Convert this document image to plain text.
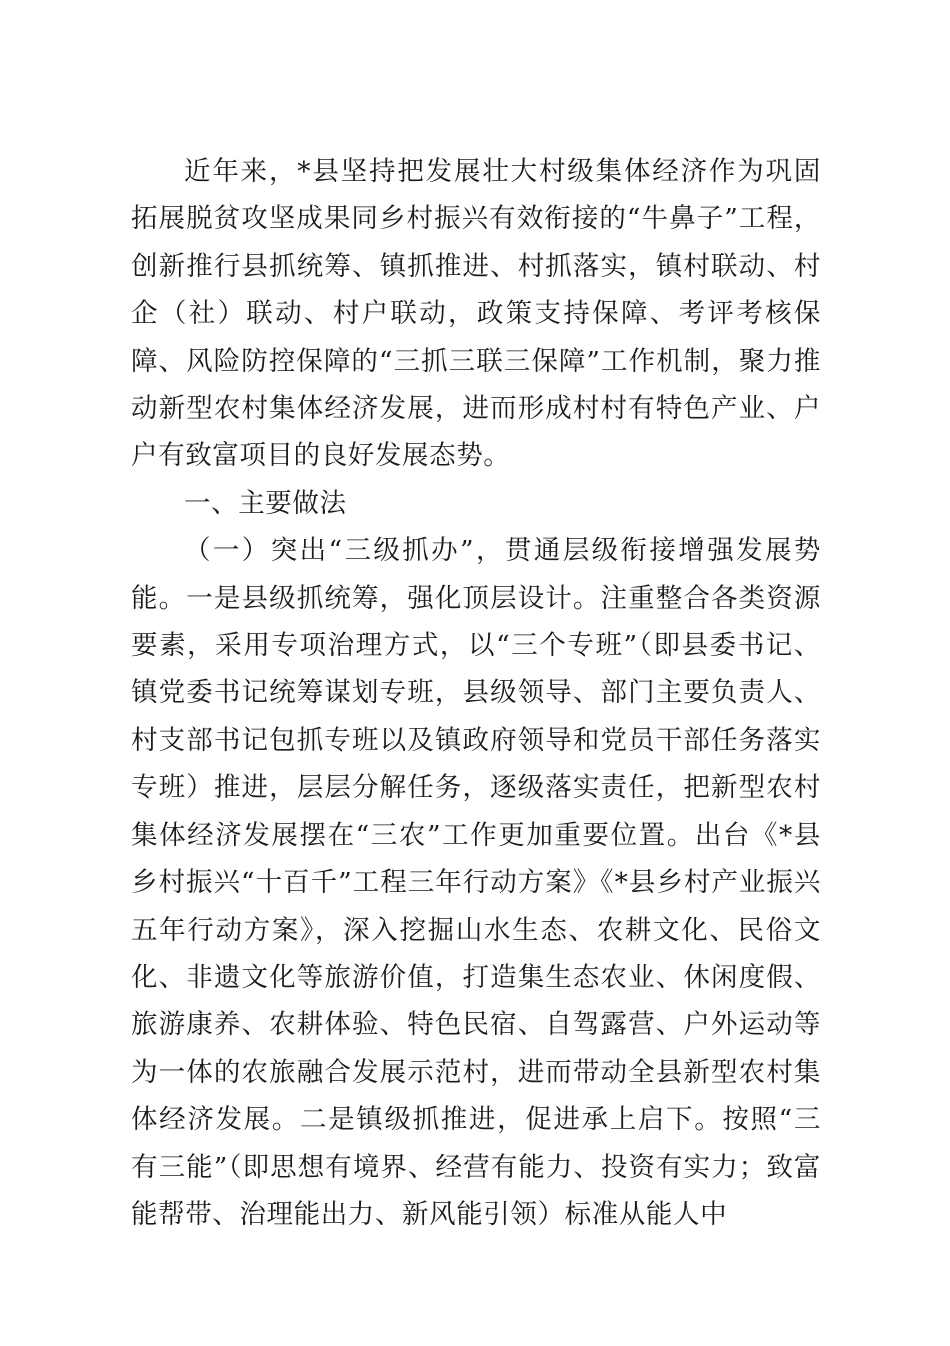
近年来，*县坚持把发展壮大村级集体经济作为巩固拓展脱贫攻坚成果同乡村振兴有效衔接的“牛鼻子”工程，创新推行县抓统筹、镇抓推进、村抓落实，镇村联动、村企（社）联动、村户联动，政策支持保障、考评考核保障、风险防控保障的“三抓三联三保障”工作机制，聚力推动新型农村集体经济发展，进而形成村村有特色产业、户户有致富项目的良好发展态势。

一、主要做法

（一）突出“三级抓办”，贯通层级衔接增强发展势能。一是县级抓统筹，强化顶层设计。注重整合各类资源要素，采用专项治理方式，以“三个专班”（即县委书记、镇党委书记统筹谋划专班，县级领导、部门主要负责人、村支部书记包抓专班以及镇政府领导和党员干部任务落实专班）推进，层层分解任务，逐级落实责任，把新型农村集体经济发展摆在“三农”工作更加重要位置。出台《*县乡村振兴“十百千”工程三年行动方案》《*县乡村产业振兴五年行动方案》，深入挖掘山水生态、农耕文化、民俗文化、非遗文化等旅游价值，打造集生态农业、休闲度假、旅游康养、农耕体验、特色民宿、自驾露营、户外运动等为一体的农旅融合发展示范村，进而带动全县新型农村集体经济发展。二是镇级抓推进，促进承上启下。按照“三有三能”（即思想有境界、经营有能力、投资有实力；致富能帮带、治理能出力、新风能引领）标准从能人中
